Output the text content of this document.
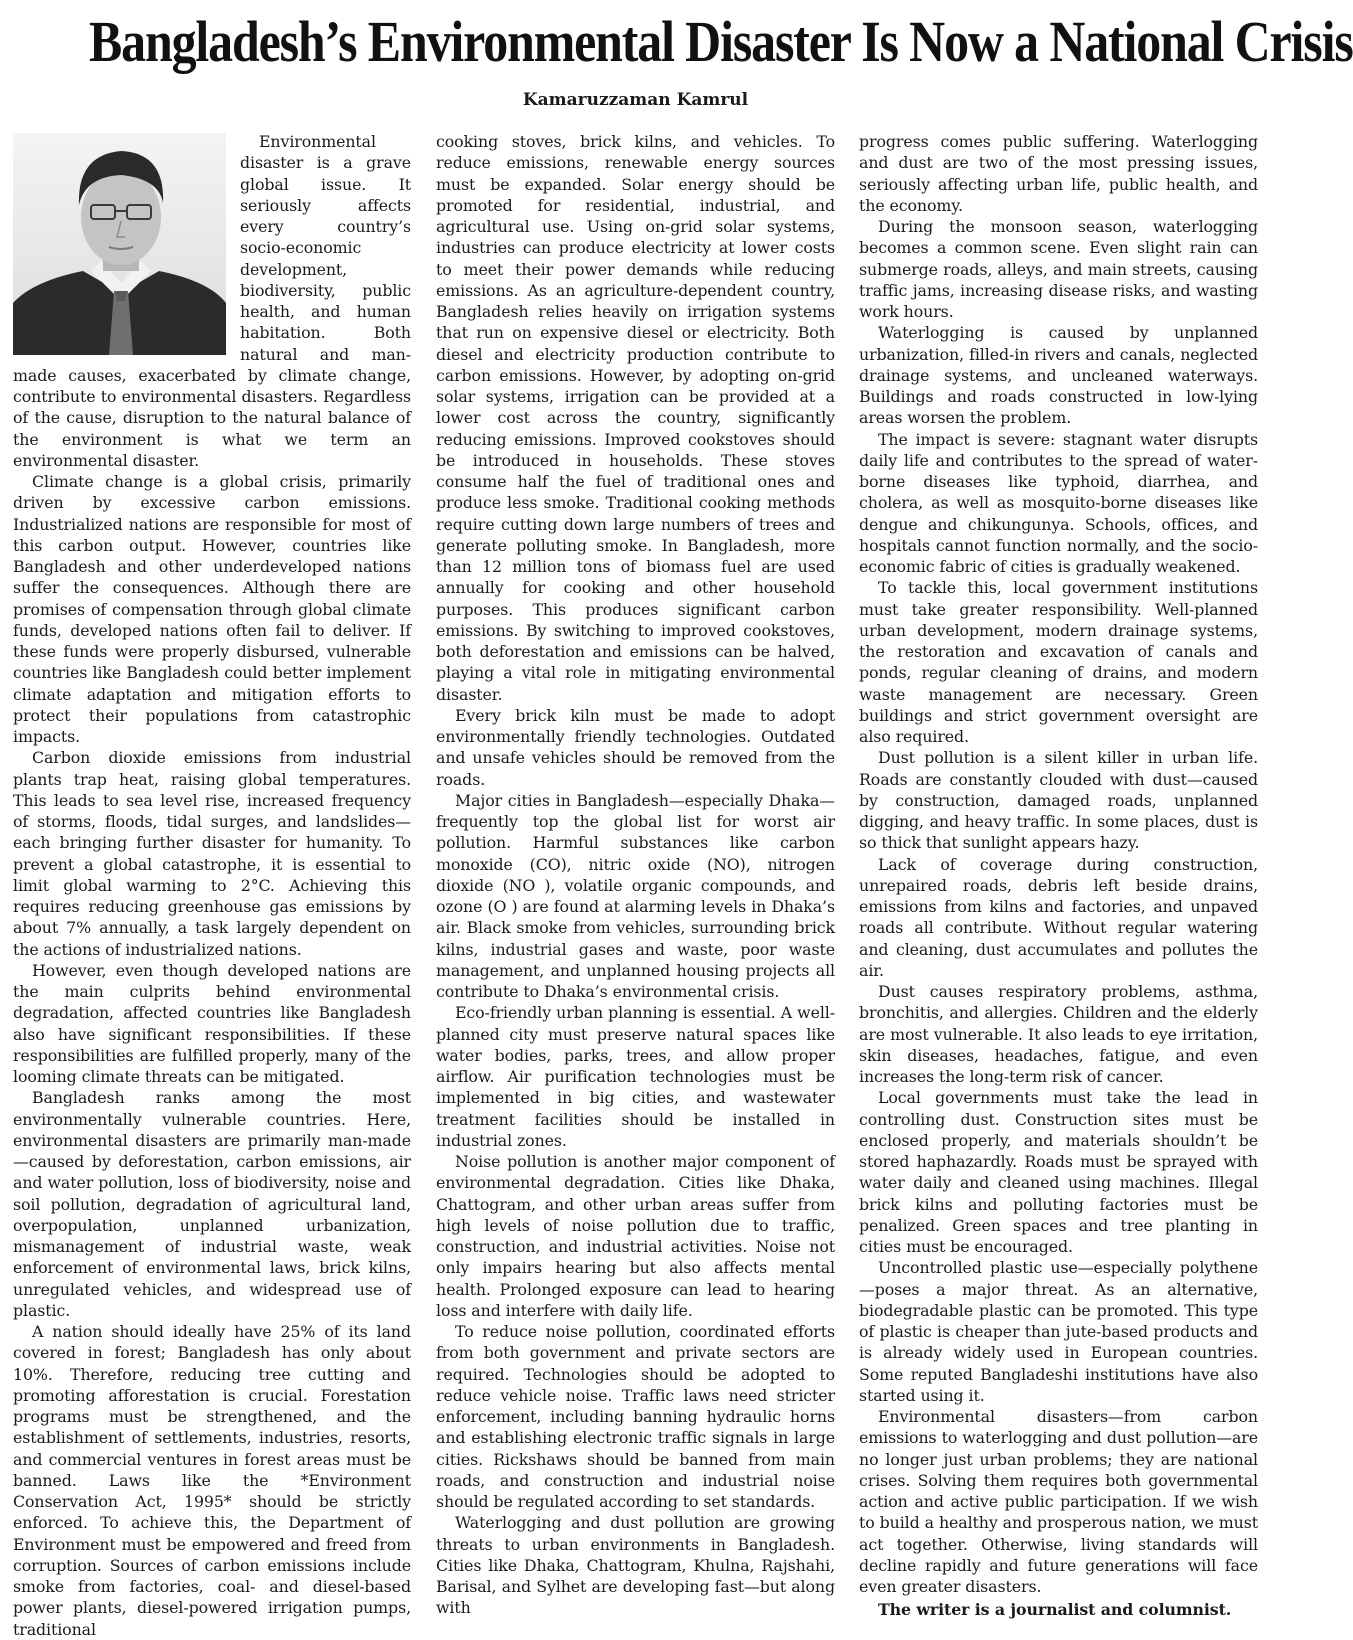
Bangladesh’s Environmental Disaster Is Now a National Crisis
Kamaruzzaman Kamrul

Environmental disaster is a grave global issue. It seriously affects every country’s socio-economic development, biodiversity, public health, and human habitation. Both natural and man-made causes, exacerbated by climate change, contribute to environmental disasters. Regardless of the cause, disruption to the natural balance of the environment is what we term an environmental disaster.

Climate change is a global crisis, primarily driven by excessive carbon emissions. Industrialized nations are responsible for most of this carbon output. However, countries like Bangladesh and other underdeveloped nations suffer the consequences. Although there are promises of compensation through global climate funds, developed nations often fail to deliver. If these funds were properly disbursed, vulnerable countries like Bangladesh could better implement climate adaptation and mitigation efforts to protect their populations from catastrophic impacts.

Carbon dioxide emissions from industrial plants trap heat, raising global temperatures. This leads to sea level rise, increased frequency of storms, floods, tidal surges, and landslides—each bringing further disaster for humanity. To prevent a global catastrophe, it is essential to limit global warming to 2°C. Achieving this requires reducing greenhouse gas emissions by about 7% annually, a task largely dependent on the actions of industrialized nations.

However, even though developed nations are the main culprits behind environmental degradation, affected countries like Bangladesh also have significant responsibilities. If these responsibilities are fulfilled properly, many of the looming climate threats can be mitigated.

Bangladesh ranks among the most environmentally vulnerable countries. Here, environmental disasters are primarily man-made—caused by deforestation, carbon emissions, air and water pollution, loss of biodiversity, noise and soil pollution, degradation of agricultural land, overpopulation, unplanned urbanization, mismanagement of industrial waste, weak enforcement of environmental laws, brick kilns, unregulated vehicles, and widespread use of plastic.

A nation should ideally have 25% of its land covered in forest; Bangladesh has only about 10%. Therefore, reducing tree cutting and promoting afforestation is crucial. Forestation programs must be strengthened, and the establishment of settlements, industries, resorts, and commercial ventures in forest areas must be banned. Laws like the *Environment Conservation Act, 1995* should be strictly enforced. To achieve this, the Department of Environment must be empowered and freed from corruption. Sources of carbon emissions include smoke from factories, coal- and diesel-based power plants, diesel-powered irrigation pumps, traditional

cooking stoves, brick kilns, and vehicles. To reduce emissions, renewable energy sources must be expanded. Solar energy should be promoted for residential, industrial, and agricultural use. Using on-grid solar systems, industries can produce electricity at lower costs to meet their power demands while reducing emissions. As an agriculture-dependent country, Bangladesh relies heavily on irrigation systems that run on expensive diesel or electricity. Both diesel and electricity production contribute to carbon emissions. However, by adopting on-grid solar systems, irrigation can be provided at a lower cost across the country, significantly reducing emissions. Improved cookstoves should be introduced in households. These stoves consume half the fuel of traditional ones and produce less smoke. Traditional cooking methods require cutting down large numbers of trees and generate polluting smoke. In Bangladesh, more than 12 million tons of biomass fuel are used annually for cooking and other household purposes. This produces significant carbon emissions. By switching to improved cookstoves, both deforestation and emissions can be halved, playing a vital role in mitigating environmental disaster.

Every brick kiln must be made to adopt environmentally friendly technologies. Outdated and unsafe vehicles should be removed from the roads.

Major cities in Bangladesh—especially Dhaka—frequently top the global list for worst air pollution. Harmful substances like carbon monoxide (CO), nitric oxide (NO), nitrogen dioxide (NO ), volatile organic compounds, and ozone (O ) are found at alarming levels in Dhaka’s air. Black smoke from vehicles, surrounding brick kilns, industrial gases and waste, poor waste management, and unplanned housing projects all contribute to Dhaka’s environmental crisis.

Eco-friendly urban planning is essential. A well-planned city must preserve natural spaces like water bodies, parks, trees, and allow proper airflow. Air purification technologies must be implemented in big cities, and wastewater treatment facilities should be installed in industrial zones.

Noise pollution is another major component of environmental degradation. Cities like Dhaka, Chattogram, and other urban areas suffer from high levels of noise pollution due to traffic, construction, and industrial activities. Noise not only impairs hearing but also affects mental health. Prolonged exposure can lead to hearing loss and interfere with daily life.

To reduce noise pollution, coordinated efforts from both government and private sectors are required. Technologies should be adopted to reduce vehicle noise. Traffic laws need stricter enforcement, including banning hydraulic horns and establishing electronic traffic signals in large cities. Rickshaws should be banned from main roads, and construction and industrial noise should be regulated according to set standards.

Waterlogging and dust pollution are growing threats to urban environments in Bangladesh. Cities like Dhaka, Chattogram, Khulna, Rajshahi, Barisal, and Sylhet are developing fast—but along with

progress comes public suffering. Waterlogging and dust are two of the most pressing issues, seriously affecting urban life, public health, and the economy.

During the monsoon season, waterlogging becomes a common scene. Even slight rain can submerge roads, alleys, and main streets, causing traffic jams, increasing disease risks, and wasting work hours.

Waterlogging is caused by unplanned urbanization, filled-in rivers and canals, neglected drainage systems, and uncleaned waterways. Buildings and roads constructed in low-lying areas worsen the problem.

The impact is severe: stagnant water disrupts daily life and contributes to the spread of water-borne diseases like typhoid, diarrhea, and cholera, as well as mosquito-borne diseases like dengue and chikungunya. Schools, offices, and hospitals cannot function normally, and the socio-economic fabric of cities is gradually weakened.

To tackle this, local government institutions must take greater responsibility. Well-planned urban development, modern drainage systems, the restoration and excavation of canals and ponds, regular cleaning of drains, and modern waste management are necessary. Green buildings and strict government oversight are also required.

Dust pollution is a silent killer in urban life. Roads are constantly clouded with dust—caused by construction, damaged roads, unplanned digging, and heavy traffic. In some places, dust is so thick that sunlight appears hazy.

Lack of coverage during construction, unrepaired roads, debris left beside drains, emissions from kilns and factories, and unpaved roads all contribute. Without regular watering and cleaning, dust accumulates and pollutes the air.

Dust causes respiratory problems, asthma, bronchitis, and allergies. Children and the elderly are most vulnerable. It also leads to eye irritation, skin diseases, headaches, fatigue, and even increases the long-term risk of cancer.

Local governments must take the lead in controlling dust. Construction sites must be enclosed properly, and materials shouldn’t be stored haphazardly. Roads must be sprayed with water daily and cleaned using machines. Illegal brick kilns and polluting factories must be penalized. Green spaces and tree planting in cities must be encouraged.

Uncontrolled plastic use—especially polythene—poses a major threat. As an alternative, biodegradable plastic can be promoted. This type of plastic is cheaper than jute-based products and is already widely used in European countries. Some reputed Bangladeshi institutions have also started using it.

Environmental disasters—from carbon emissions to waterlogging and dust pollution—are no longer just urban problems; they are national crises. Solving them requires both governmental action and active public participation. If we wish to build a healthy and prosperous nation, we must act together. Otherwise, living standards will decline rapidly and future generations will face even greater disasters.

The writer is a journalist and columnist.
